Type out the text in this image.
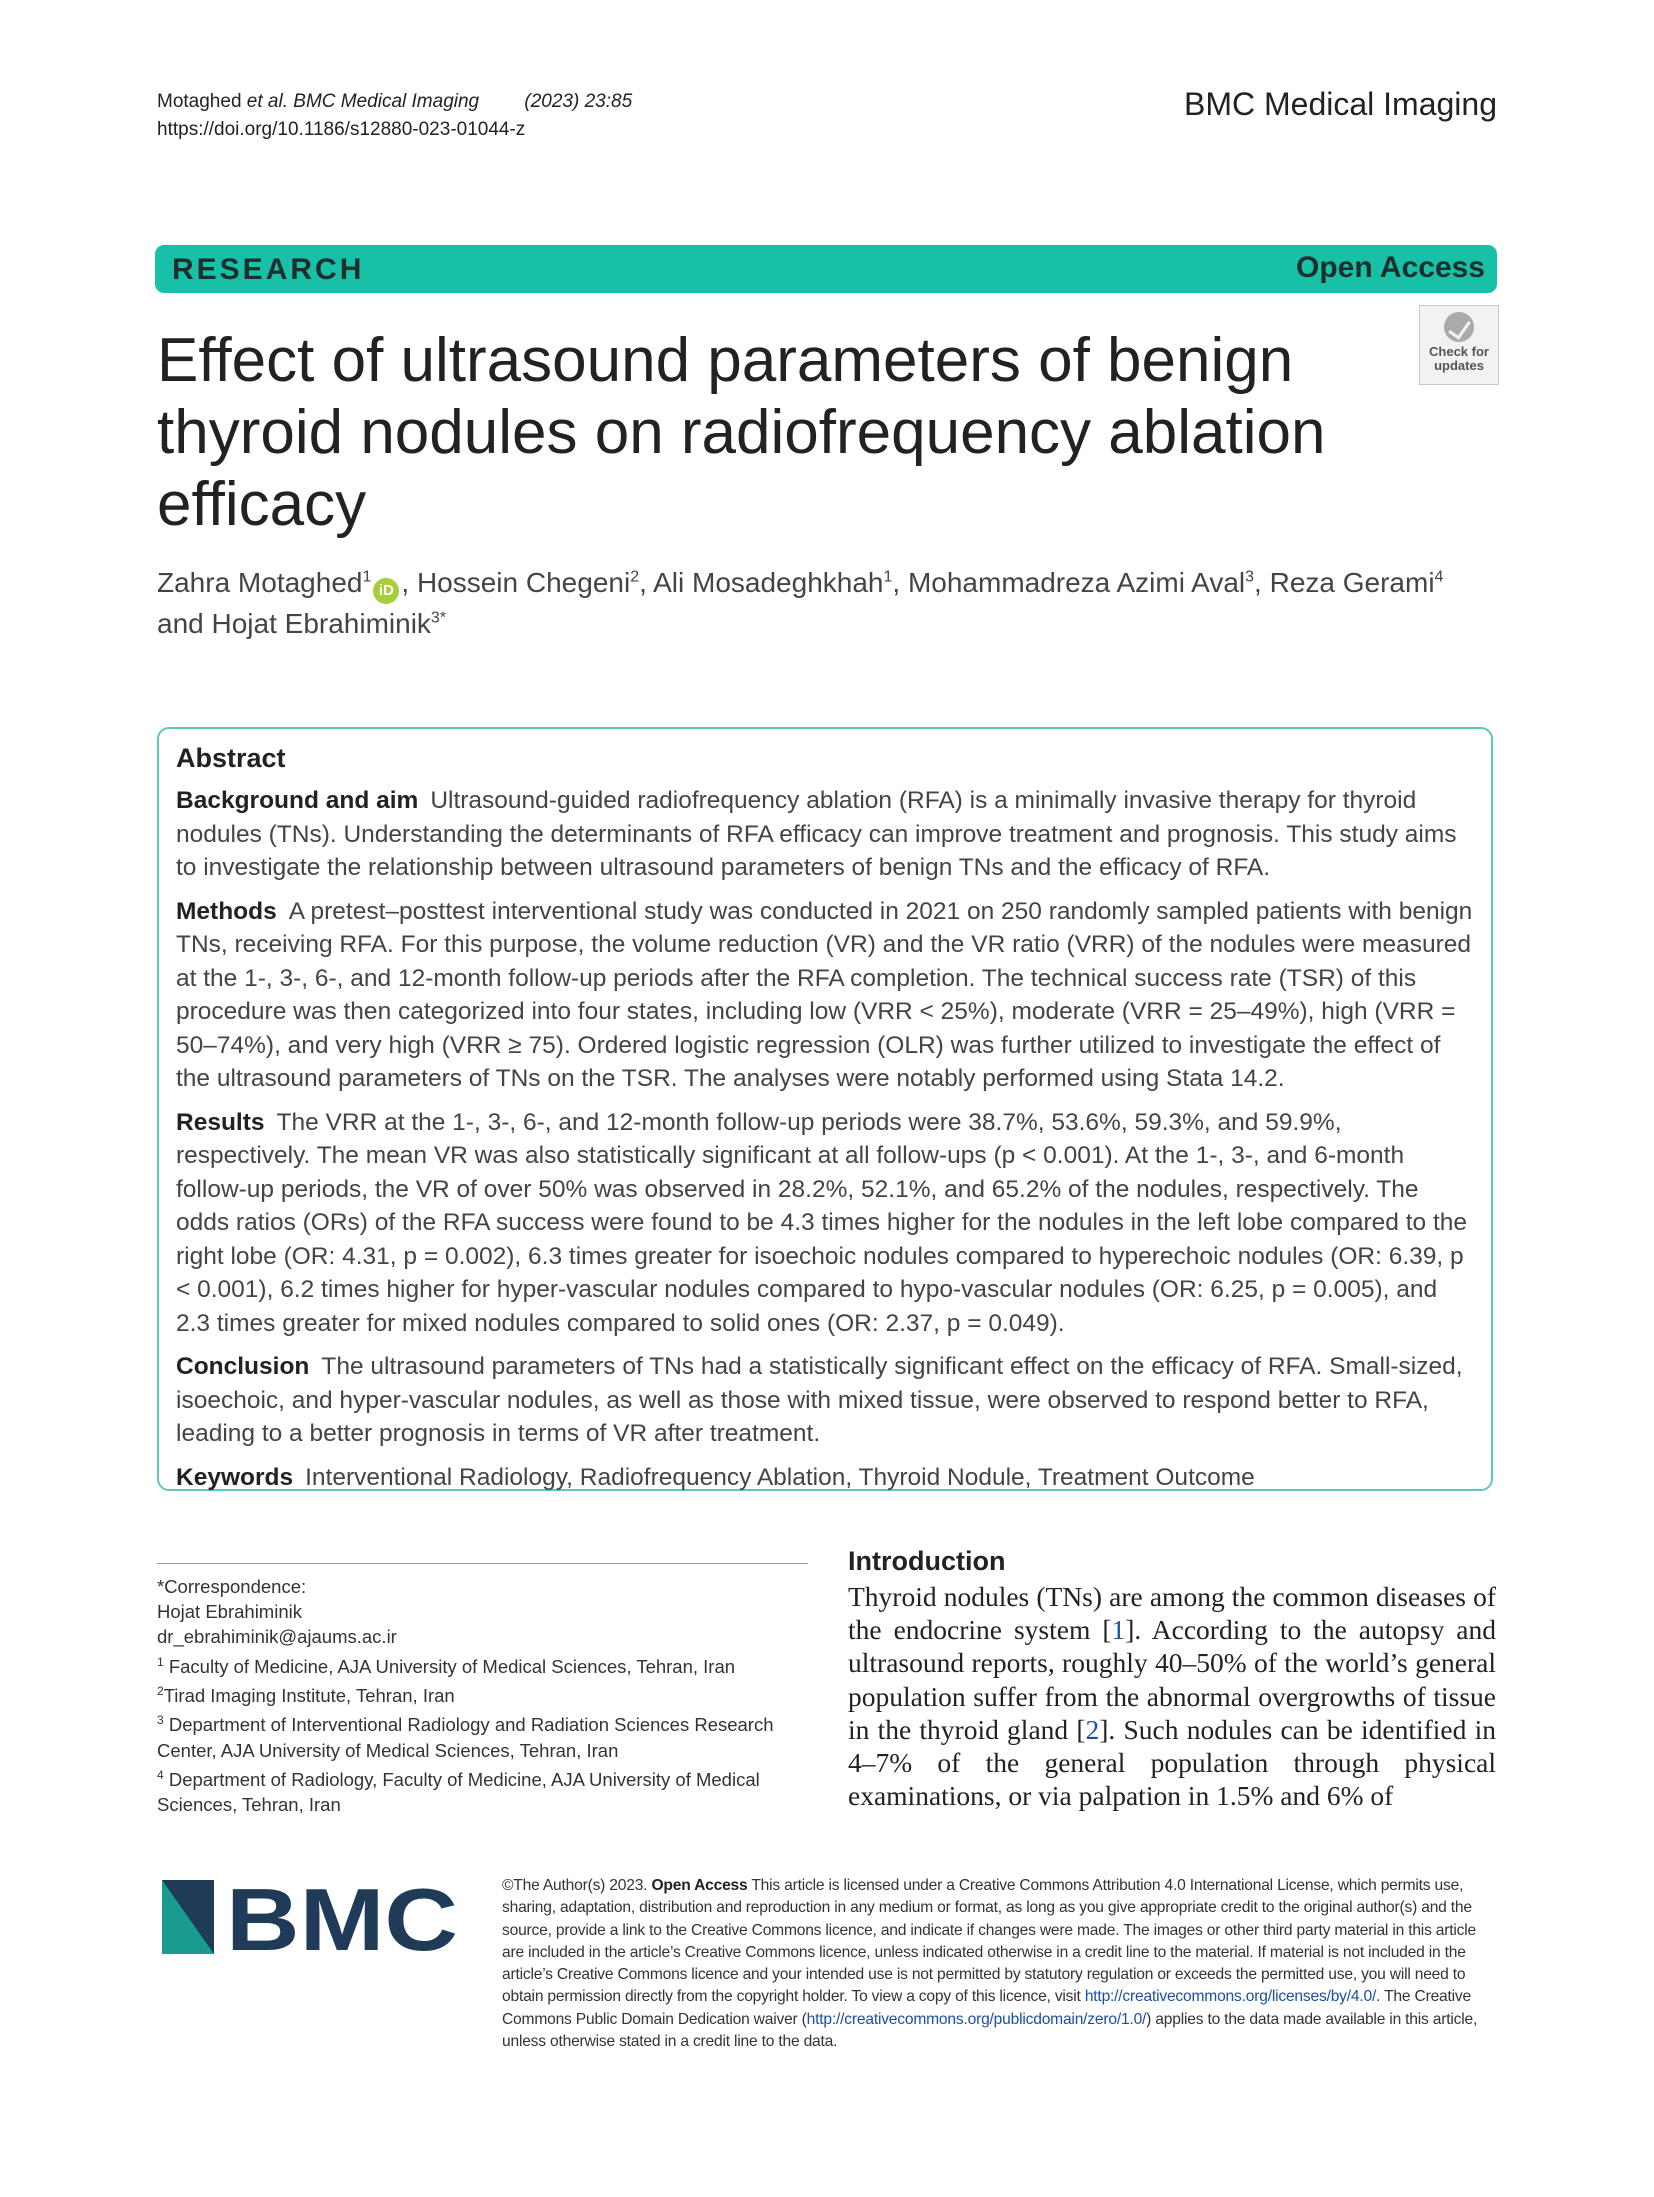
Motaghed et al. BMC Medical Imaging (2023) 23:85
https://doi.org/10.1186/s12880-023-01044-z
BMC Medical Imaging
RESEARCH	Open Access
Check for
updates
Effect of ultrasound parameters of benign thyroid nodules on radiofrequency ablation efficacy
Zahra Motaghed$^1$iD , Hossein Chegeni$^2$, Ali Mosadeghkhah$^1$, Mohammadreza Azimi Aval$^3$, Reza Gerami$^4$ and Hojat Ebrahiminik$^{3*}$
Abstract

Background and aim Ultrasound-guided radiofrequency ablation (RFA) is a minimally invasive therapy for thyroid nodules (TNs). Understanding the determinants of RFA efficacy can improve treatment and prognosis. This study aims to investigate the relationship between ultrasound parameters of benign TNs and the efficacy of RFA.

Methods A pretest–posttest interventional study was conducted in 2021 on 250 randomly sampled patients with benign TNs, receiving RFA. For this purpose, the volume reduction (VR) and the VR ratio (VRR) of the nodules were measured at the 1-, 3-, 6-, and 12-month follow-up periods after the RFA completion. The technical success rate (TSR) of this procedure was then categorized into four states, including low (VRR < 25%), moderate (VRR = 25–49%), high (VRR = 50–74%), and very high (VRR ≥ 75). Ordered logistic regression (OLR) was further utilized to investigate the effect of the ultrasound parameters of TNs on the TSR. The analyses were notably performed using Stata 14.2.

Results The VRR at the 1-, 3-, 6-, and 12-month follow-up periods were 38.7%, 53.6%, 59.3%, and 59.9%, respectively. The mean VR was also statistically significant at all follow-ups (p < 0.001). At the 1-, 3-, and 6-month follow-up periods, the VR of over 50% was observed in 28.2%, 52.1%, and 65.2% of the nodules, respectively. The odds ratios (ORs) of the RFA success were found to be 4.3 times higher for the nodules in the left lobe compared to the right lobe (OR: 4.31, p = 0.002), 6.3 times greater for isoechoic nodules compared to hyperechoic nodules (OR: 6.39, p < 0.001), 6.2 times higher for hyper-vascular nodules compared to hypo-vascular nodules (OR: 6.25, p = 0.005), and 2.3 times greater for mixed nodules compared to solid ones (OR: 2.37, p = 0.049).

Conclusion The ultrasound parameters of TNs had a statistically significant effect on the efficacy of RFA. Small-sized, isoechoic, and hyper-vascular nodules, as well as those with mixed tissue, were observed to respond better to RFA, leading to a better prognosis in terms of VR after treatment.

Keywords Interventional Radiology, Radiofrequency Ablation, Thyroid Nodule, Treatment Outcome

*Correspondence:
Hojat Ebrahiminik
dr_ebrahiminik@ajaums.ac.ir
$^1$ Faculty of Medicine, AJA University of Medical Sciences, Tehran, Iran
$^2$Tirad Imaging Institute, Tehran, Iran
$^3$ Department of Interventional Radiology and Radiation Sciences Research Center, AJA University of Medical Sciences, Tehran, Iran
$^4$ Department of Radiology, Faculty of Medicine, AJA University of Medical Sciences, Tehran, Iran
Introduction
Thyroid nodules (TNs) are among the common diseases of the endocrine system [1]. According to the autopsy and ultrasound reports, roughly 40–50% of the world’s general population suffer from the abnormal overgrowths of tissue in the thyroid gland [2]. Such nodules can be identified in 4–7% of the general population through physical examinations, or via palpation in 1.5% and 6% of
BMC	©The Author(s) 2023. Open Access This article is licensed under a Creative Commons Attribution 4.0 International License, which permits use, sharing, adaptation, distribution and reproduction in any medium or format, as long as you give appropriate credit to the original author(s) and the source, provide a link to the Creative Commons licence, and indicate if changes were made. The images or other third party material in this article are included in the article’s Creative Commons licence, unless indicated otherwise in a credit line to the material. If material is not included in the article’s Creative Commons licence and your intended use is not permitted by statutory regulation or exceeds the permitted use, you will need to obtain permission directly from the copyright holder. To view a copy of this licence, visit http://creativecommons.org/licenses/by/4.0/. The Creative Commons Public Domain Dedication waiver (http://creativecommons.org/publicdomain/zero/1.0/) applies to the data made available in this article, unless otherwise stated in a credit line to the data.
